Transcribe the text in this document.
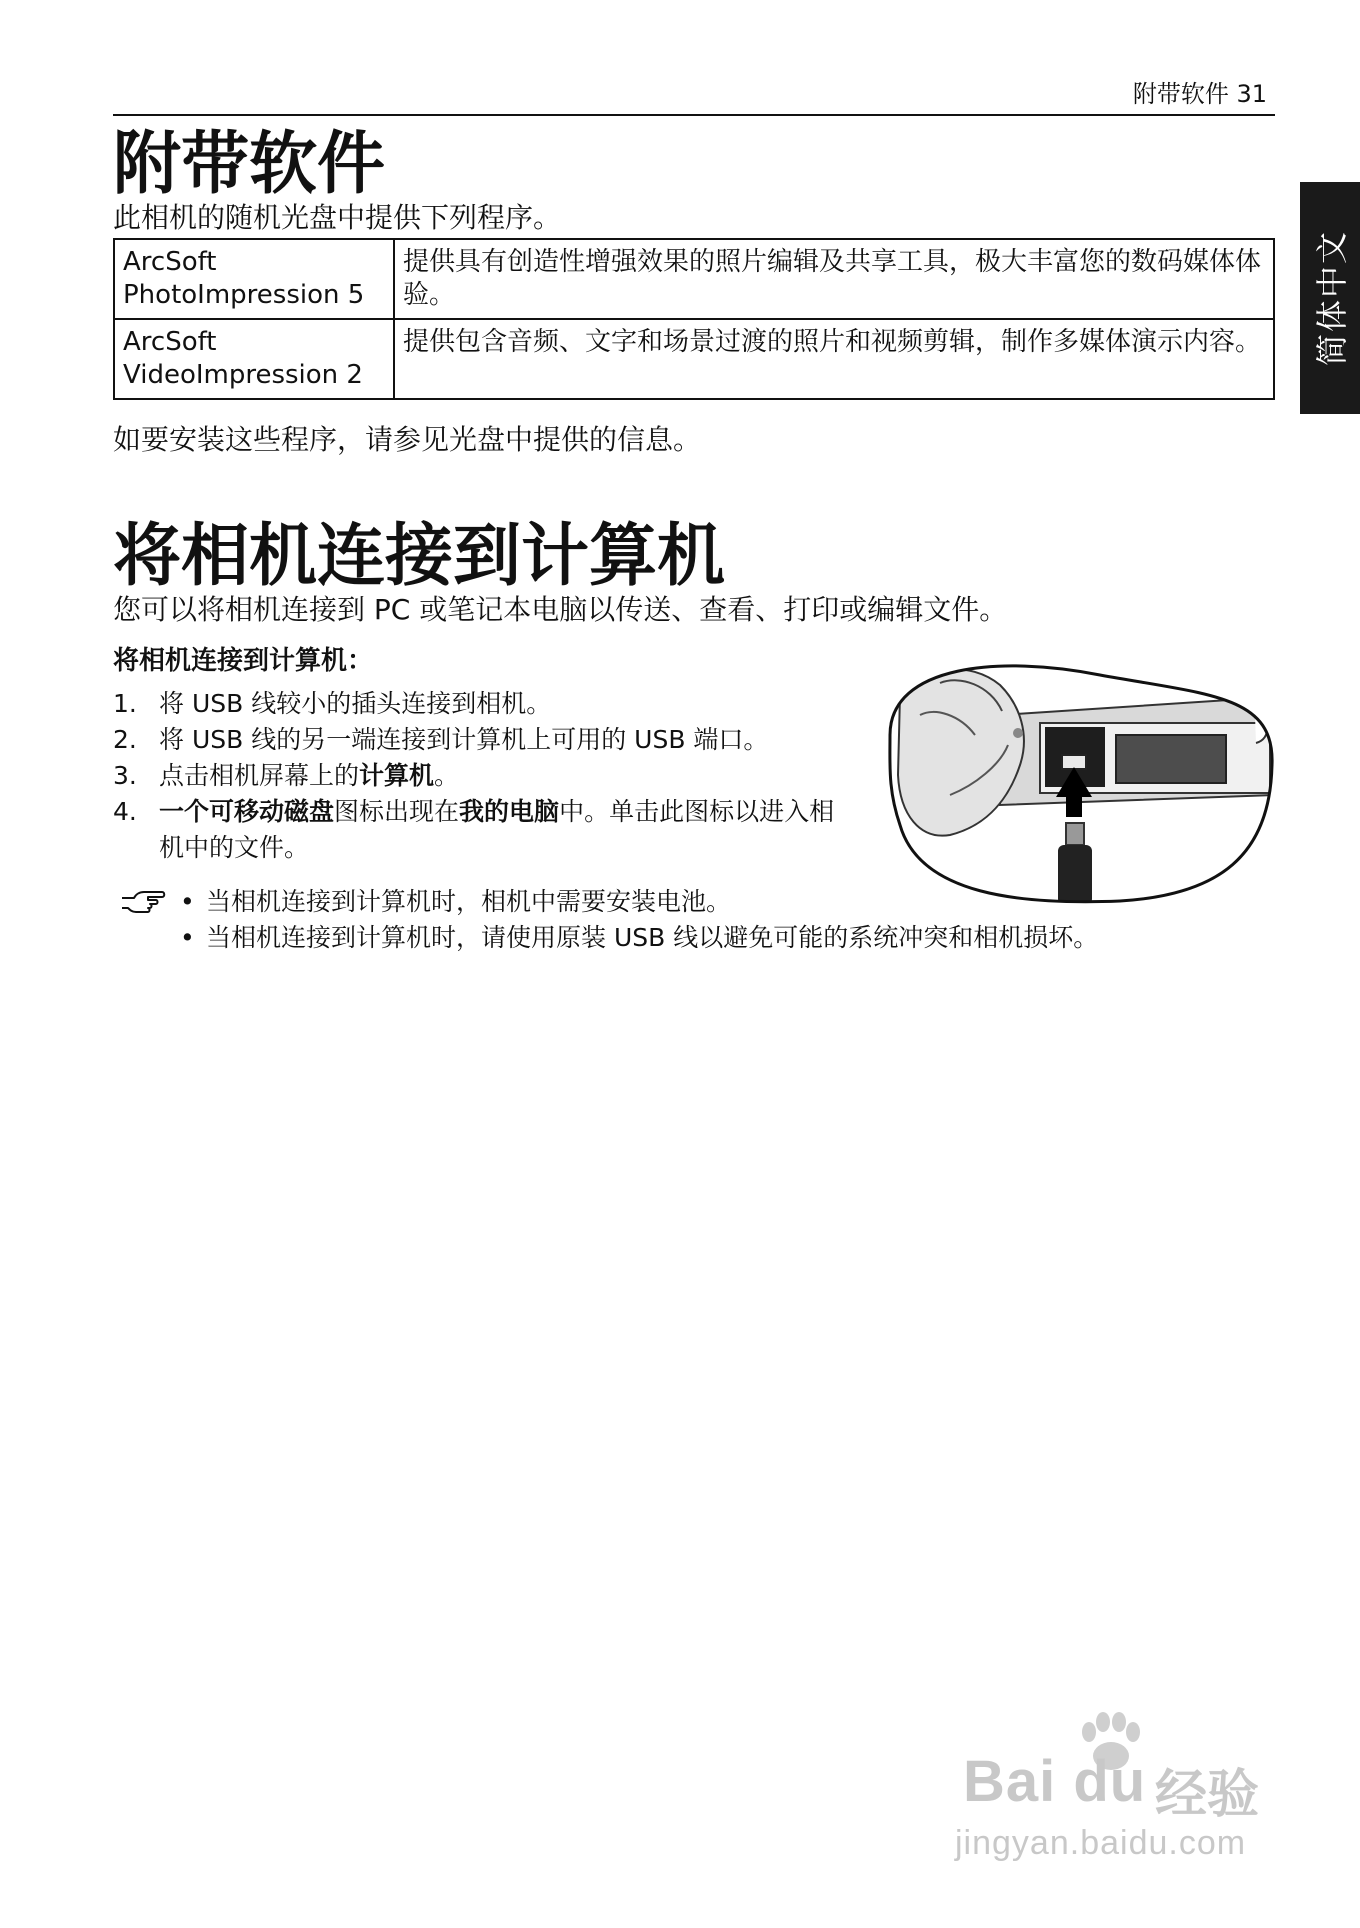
附带软件 31
简体中文
附带软件

此相机的随机光盘中提供下列程序。

ArcSoft PhotoImpression 5	提供具有创造性增强效果的照片编辑及共享工具，极大丰富您的数码媒体体验。
ArcSoft VideoImpression 2	提供包含音频、文字和场景过渡的照片和视频剪辑，制作多媒体演示内容。

如要安装这些程序，请参见光盘中提供的信息。

将相机连接到计算机

您可以将相机连接到 PC 或笔记本电脑以传送、查看、打印或编辑文件。

将相机连接到计算机：

1. 将 USB 线较小的插头连接到相机。
2. 将 USB 线的另一端连接到计算机上可用的 USB 端口。
3. 点击相机屏幕上的计算机。
4. 一个可移动磁盘图标出现在我的电脑中。单击此图标以进入相机中的文件。
• 当相机连接到计算机时，相机中需要安装电池。
• 当相机连接到计算机时，请使用原装 USB 线以避免可能的系统冲突和相机损坏。
Bai du 经验
jingyan.baidu.com
